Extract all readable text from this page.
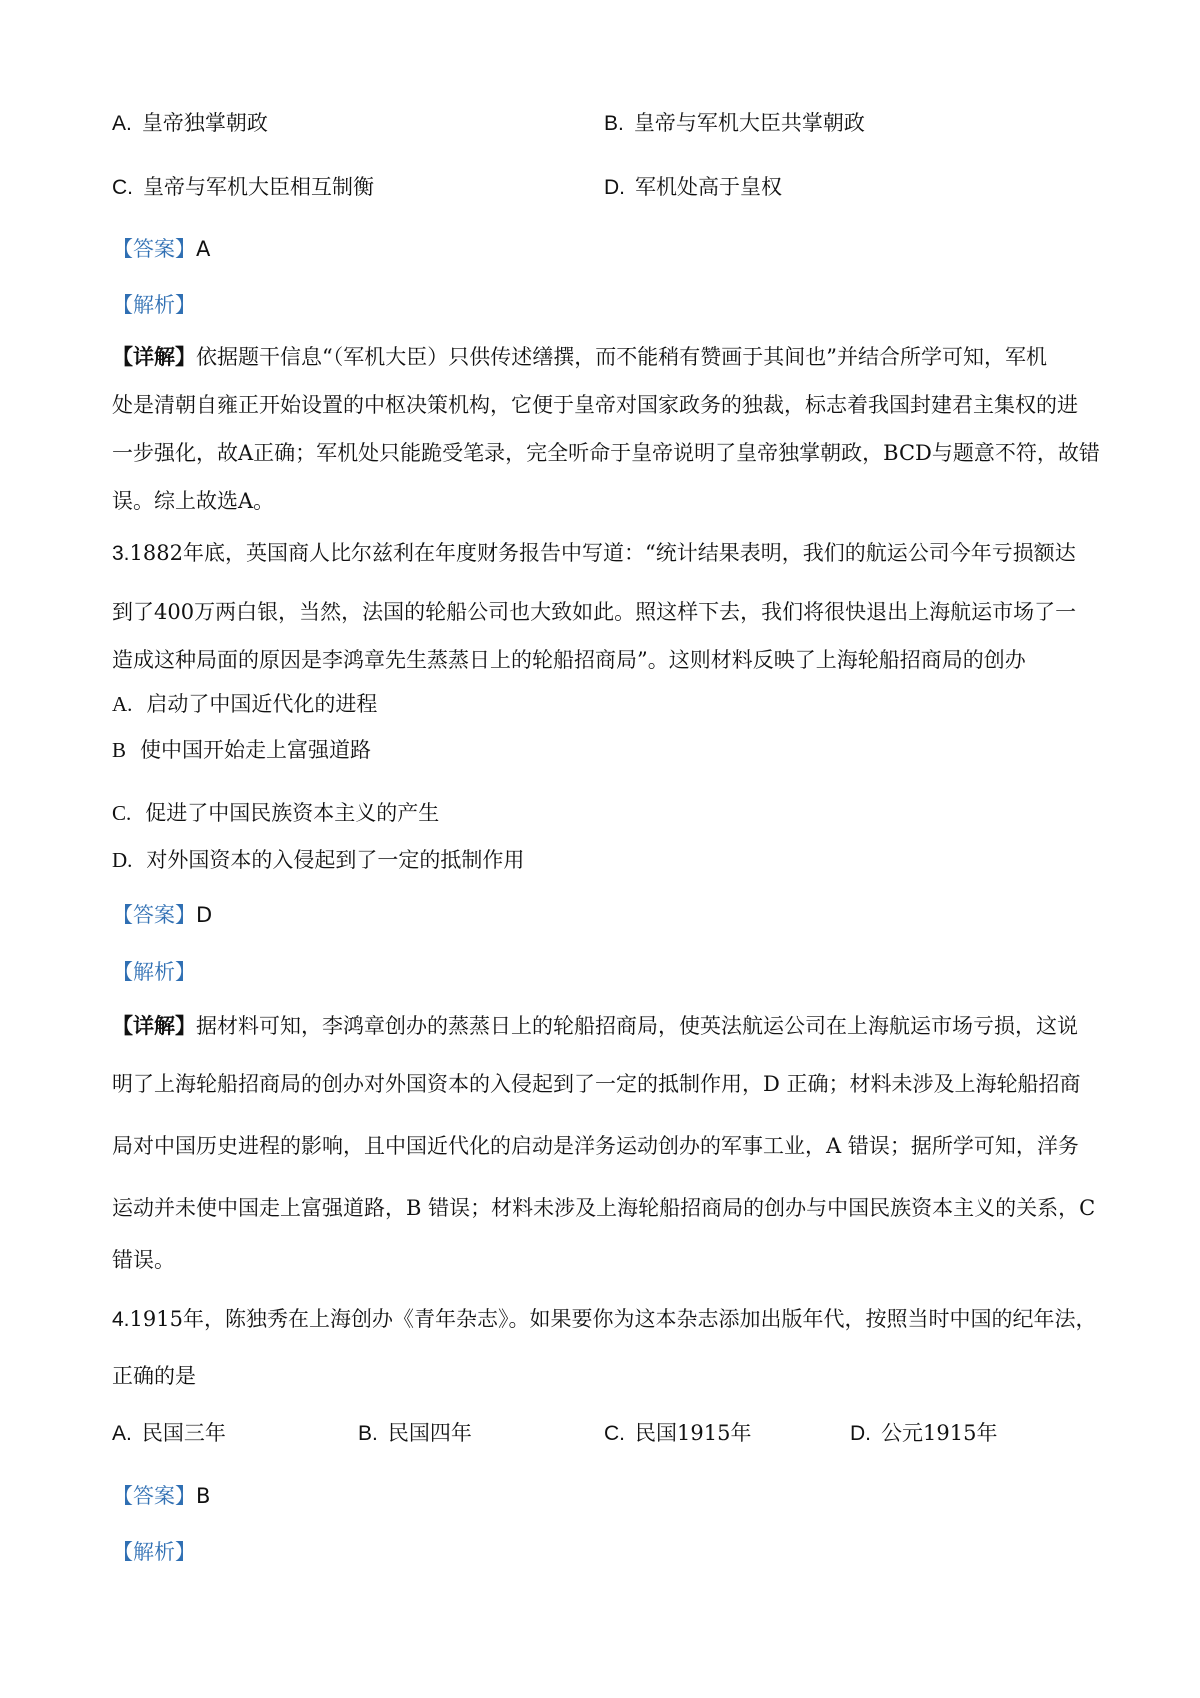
A. 皇帝独掌朝政	B. 皇帝与军机大臣共掌朝政
C. 皇帝与军机大臣相互制衡	D. 军机处高于皇权
【答案】A
【解析】
【详解】依据题干信息“（军机大臣）只供传述缮撰，而不能稍有赞画于其间也”并结合所学可知，军机
处是清朝自雍正开始设置的中枢决策机构，它便于皇帝对国家政务的独裁，标志着我国封建君主集权的进
一步强化，故A正确；军机处只能跪受笔录，完全听命于皇帝说明了皇帝独掌朝政，BCD与题意不符，故错
误。综上故选A。
3.1882年底，英国商人比尔兹利在年度财务报告中写道：“统计结果表明，我们的航运公司今年亏损额达
到了400万两白银，当然，法国的轮船公司也大致如此。照这样下去，我们将很快退出上海航运市场了一
造成这种局面的原因是李鸿章先生蒸蒸日上的轮船招商局”。这则材料反映了上海轮船招商局的创办
A. 启动了中国近代化的进程
B 使中国开始走上富强道路
C. 促进了中国民族资本主义的产生
D. 对外国资本的入侵起到了一定的抵制作用
【答案】D
【解析】
【详解】据材料可知，李鸿章创办的蒸蒸日上的轮船招商局，使英法航运公司在上海航运市场亏损，这说
明了上海轮船招商局的创办对外国资本的入侵起到了一定的抵制作用，D 正确；材料未涉及上海轮船招商
局对中国历史进程的影响，且中国近代化的启动是洋务运动创办的军事工业，A 错误；据所学可知，洋务
运动并未使中国走上富强道路，B 错误；材料未涉及上海轮船招商局的创办与中国民族资本主义的关系，C
错误。
4.1915年，陈独秀在上海创办《青年杂志》。如果要你为这本杂志添加出版年代，按照当时中国的纪年法，
正确的是
A. 民国三年	B. 民国四年	C. 民国1915年	D. 公元1915年
【答案】B
【解析】
